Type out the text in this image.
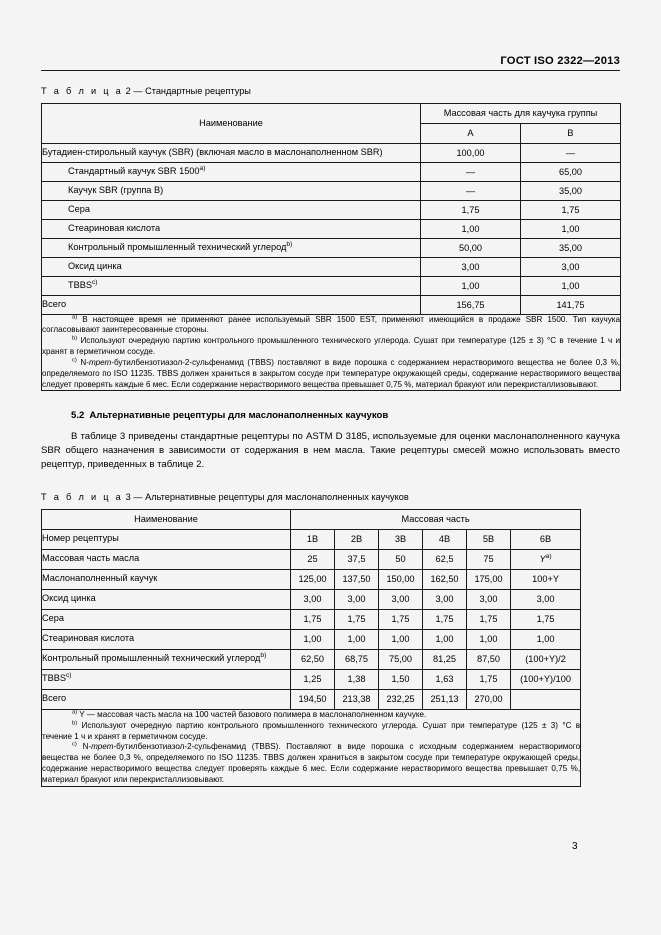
ГОСТ ISO 2322—2013
Т а б л и ц а 2 — Стандартные рецептуры
Наименование	Массовая часть для каучука группы	
	А	В
Бутадиен-стирольный каучук (SBR) (включая масло в маслонаполненном SBR)	100,00	—
Стандартный каучук SBR 1500$^{a)}$	—	65,00
Каучук SBR (группа В)	—	35,00
Сера	1,75	1,75
Стеариновая кислота	1,00	1,00
Контрольный промышленный технический углерод$^{b)}$	50,00	35,00
Оксид цинка	3,00	3,00
TBBS$^{c)}$	1,00	1,00
Всего	156,75	141,75

$^{a)}$ В настоящее время не применяют ранее используемый SBR 1500 EST, применяют имеющийся в продаже SBR 1500. Тип каучука согласовывают заинтересованные стороны.

$^{b)}$ Используют очередную партию контрольного промышленного технического углерода. Сушат при температуре (125 ± 3) °С в течение 1 ч и хранят в герметичном сосуде.

$^{c)}$ N-трет-бутилбензотиазол-2-сульфенамид (TBBS) поставляют в виде порошка с содержанием нерастворимого вещества не более 0,3 %, определяемого по ISO 11235. TBBS должен храниться в закрытом сосуде при температуре окружающей среды, содержание нерастворимого вещества следует проверять каждые 6 мес. Если содержание нерастворимого вещества превышает 0,75 %, материал бракуют или перекристаллизовывают.		

5.2 Альтернативные рецептуры для маслонаполненных каучуков

В таблице 3 приведены стандартные рецептуры по ASTM D 3185, используемые для оценки маслонаполненного каучука SBR общего назначения в зависимости от содержания в нем масла. Такие рецептуры смесей можно использовать вместо рецептур, приведенных в таблице 2.

Т а б л и ц а 3 — Альтернативные рецептуры для маслонаполненных каучуков
Наименование	Массовая часть					
Номер рецептуры	1В	2В	3В	4В	5В	6В
Массовая часть масла	25	37,5	50	62,5	75	$Y^{a)}$
Маслонаполненный каучук	125,00	137,50	150,00	162,50	175,00	100+Y
Оксид цинка	3,00	3,00	3,00	3,00	3,00	3,00
Сера	1,75	1,75	1,75	1,75	1,75	1,75
Стеариновая кислота	1,00	1,00	1,00	1,00	1,00	1,00
Контрольный промышленный технический углерод$^{b)}$	62,50	68,75	75,00	81,25	87,50	(100+Y)/2
TBBS$^{c)}$	1,25	1,38	1,50	1,63	1,75	(100+Y)/100
Всего	194,50	213,38	232,25	251,13	270,00	

$^{a)}$ Y — массовая часть масла на 100 частей базового полимера в маслонаполненном каучуке.

$^{b)}$ Используют очередную партию контрольного промышленного технического углерода. Сушат при температуре (125 ± 3) °С в течение 1 ч и хранят в герметичном сосуде.

$^{c)}$ N-трет-бутилбензотиазол-2-сульфенамид (TBBS). Поставляют в виде порошка с исходным содержанием нерастворимого вещества не более 0,3 %, определяемого по ISO 11235. TBBS должен храниться в закрытом сосуде при температуре окружающей среды, содержание нерастворимого вещества следует проверять каждые 6 мес. Если содержание нерастворимого вещества превышает 0,75 %, материал бракуют или перекристаллизовывают.						

3
